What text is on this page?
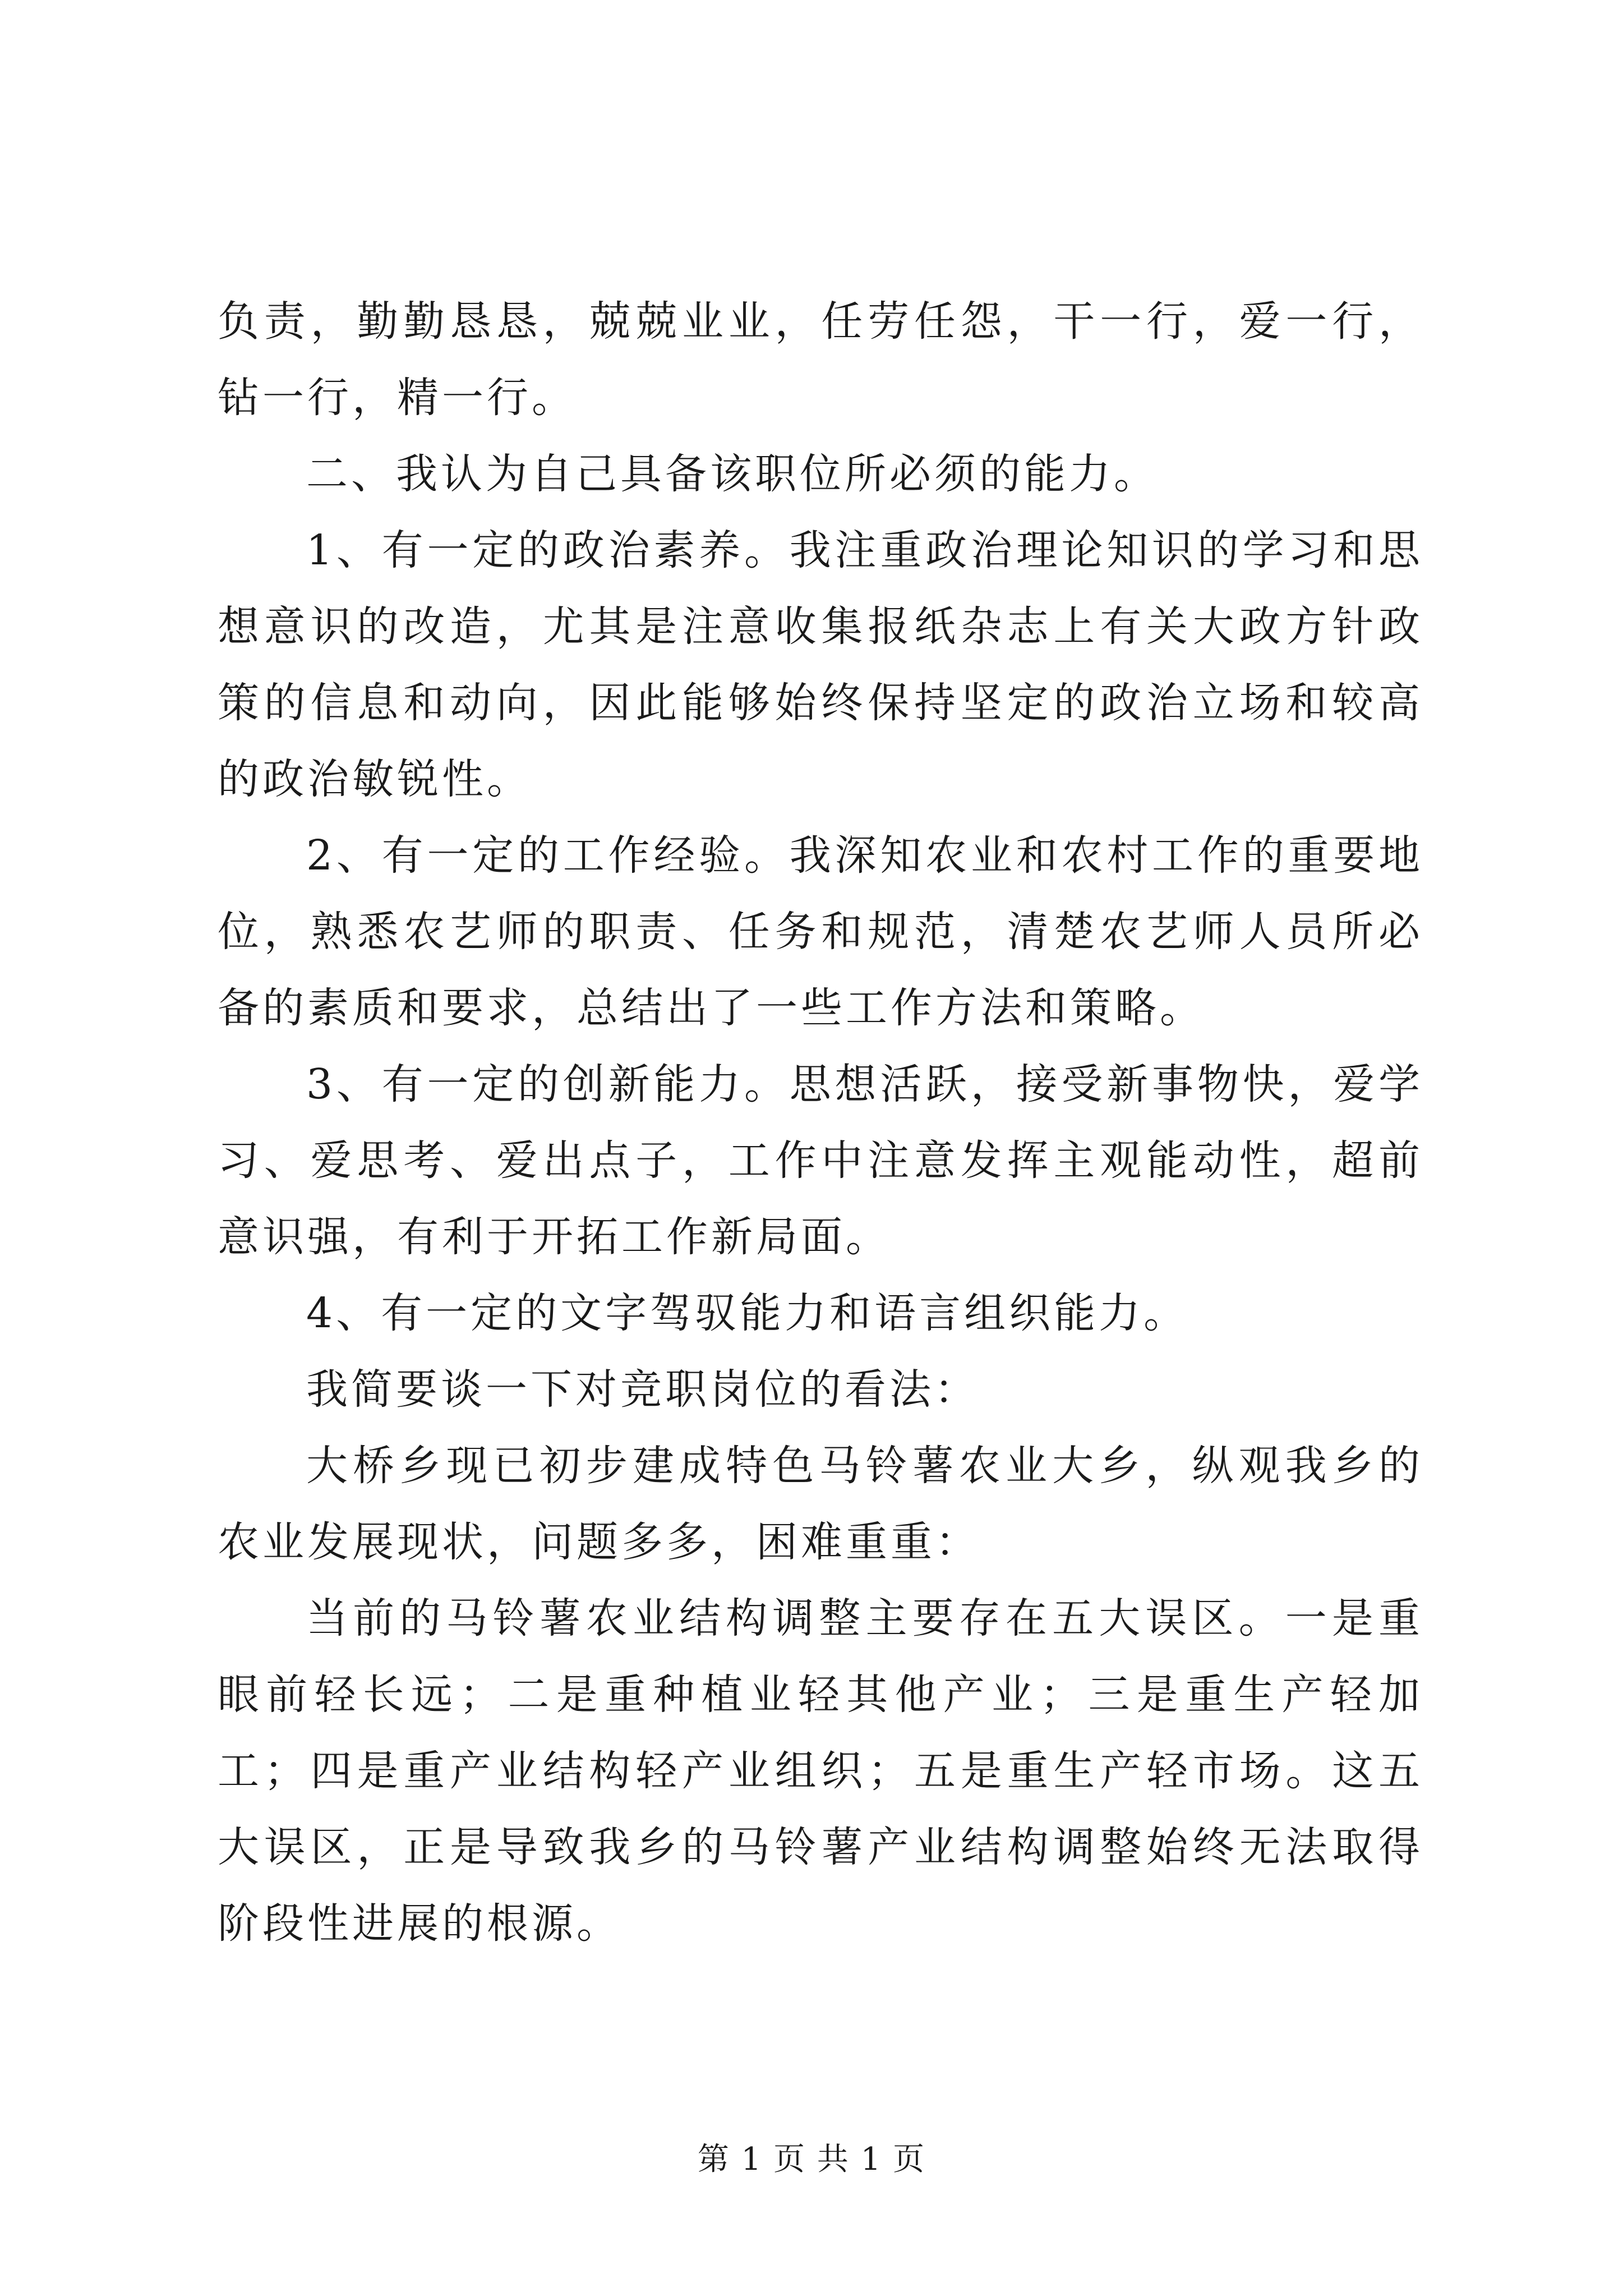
负责，勤勤恳恳，兢兢业业，任劳任怨，干一行，爱一行，钻一行，精一行。

二、我认为自己具备该职位所必须的能力。

1、有一定的政治素养。我注重政治理论知识的学习和思想意识的改造，尤其是注意收集报纸杂志上有关大政方针政策的信息和动向，因此能够始终保持坚定的政治立场和较高的政治敏锐性。

2、有一定的工作经验。我深知农业和农村工作的重要地位，熟悉农艺师的职责、任务和规范，清楚农艺师人员所必备的素质和要求，总结出了一些工作方法和策略。

3、有一定的创新能力。思想活跃，接受新事物快，爱学习、爱思考、爱出点子，工作中注意发挥主观能动性，超前意识强，有利于开拓工作新局面。

4、有一定的文字驾驭能力和语言组织能力。

我简要谈一下对竞职岗位的看法：

大桥乡现已初步建成特色马铃薯农业大乡，纵观我乡的农业发展现状，问题多多，困难重重：

当前的马铃薯农业结构调整主要存在五大误区。一是重眼前轻长远；二是重种植业轻其他产业；三是重生产轻加工；四是重产业结构轻产业组织；五是重生产轻市场。这五大误区，正是导致我乡的马铃薯产业结构调整始终无法取得阶段性进展的根源。

第 1 页 共 1 页
